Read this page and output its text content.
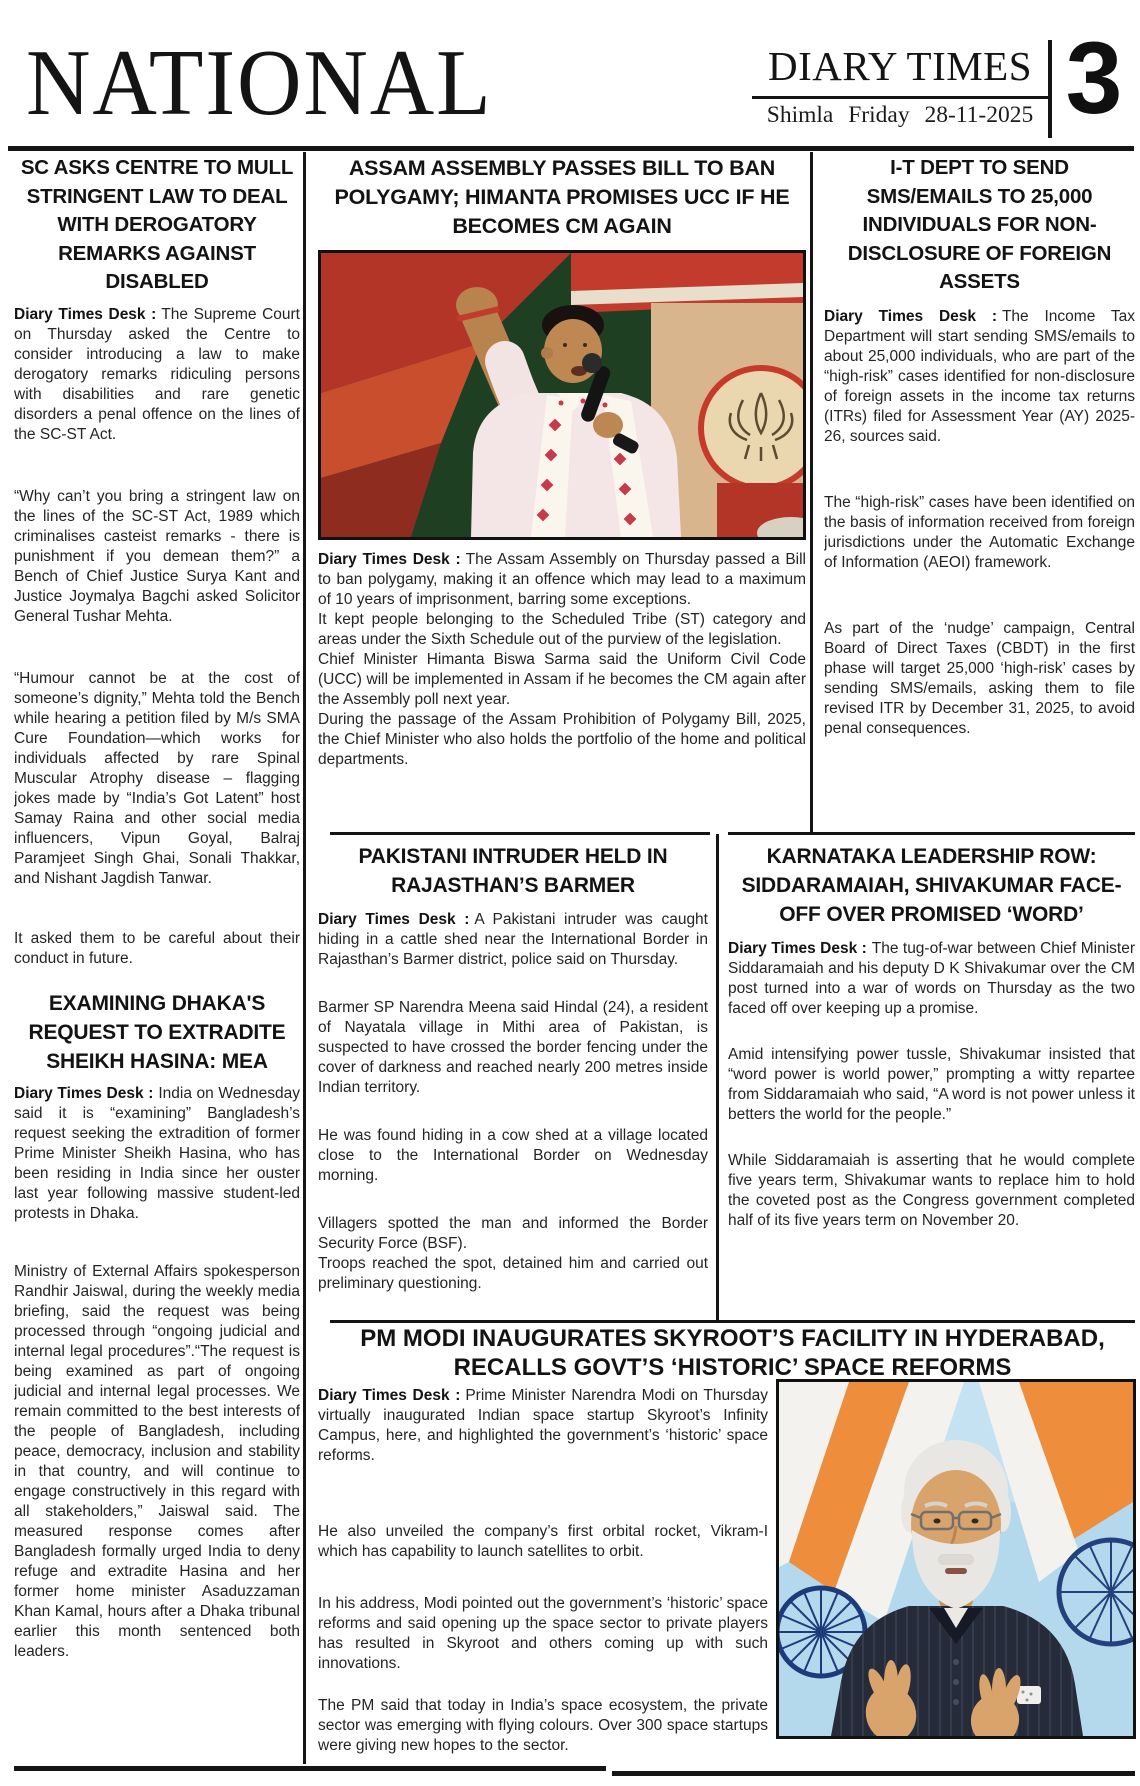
NATIONAL	DIARY TIMES
Shimla Friday 28-11-2025 3
SC ASKS CENTRE TO MULL
STRINGENT LAW TO DEAL
WITH DEROGATORY
REMARKS AGAINST
DISABLED

Diary Times Desk : The Supreme Court on Thursday asked the Centre to consider introducing a law to make derogatory remarks ridiculing persons with disabilities and rare genetic disorders a penal offence on the lines of the SC-ST Act.

“Why can’t you bring a stringent law on the lines of the SC-ST Act, 1989 which criminalises casteist remarks - there is punishment if you demean them?” a Bench of Chief Justice Surya Kant and Justice Joymalya Bagchi asked Solicitor General Tushar Mehta.

“Humour cannot be at the cost of someone’s dignity,” Mehta told the Bench while hearing a petition filed by M/s SMA Cure Foundation—which works for individuals affected by rare Spinal Muscular Atrophy disease – flagging jokes made by “India’s Got Latent” host Samay Raina and other social media influencers, Vipun Goyal, Balraj Paramjeet Singh Ghai, Sonali Thakkar, and Nishant Jagdish Tanwar.

It asked them to be careful about their conduct in future.

EXAMINING DHAKA'S
REQUEST TO EXTRADITE
SHEIKH HASINA: MEA

Diary Times Desk : India on Wednesday said it is “examining” Bangladesh’s request seeking the extradition of former Prime Minister Sheikh Hasina, who has been residing in India since her ouster last year following massive student-led protests in Dhaka.

Ministry of External Affairs spokesperson Randhir Jaiswal, during the weekly media briefing, said the request was being processed through “ongoing judicial and internal legal procedures”.“The request is being examined as part of ongoing judicial and internal legal processes. We remain committed to the best interests of the people of Bangladesh, including peace, democracy, inclusion and stability in that country, and will continue to engage constructively in this regard with all stakeholders,” Jaiswal said. The measured response comes after Bangladesh formally urged India to deny refuge and extradite Hasina and her former home minister Asaduzzaman Khan Kamal, hours after a Dhaka tribunal earlier this month sentenced both leaders.

ASSAM ASSEMBLY PASSES BILL TO BAN
POLYGAMY; HIMANTA PROMISES UCC IF HE
BECOMES CM AGAIN

Diary Times Desk : The Assam Assembly on Thursday passed a Bill to ban polygamy, making it an offence which may lead to a maximum of 10 years of imprisonment, barring some exceptions.

It kept people belonging to the Scheduled Tribe (ST) category and areas under the Sixth Schedule out of the purview of the legislation.

Chief Minister Himanta Biswa Sarma said the Uniform Civil Code (UCC) will be implemented in Assam if he becomes the CM again after the Assembly poll next year.

During the passage of the Assam Prohibition of Polygamy Bill, 2025, the Chief Minister who also holds the portfolio of the home and political departments.

I-T DEPT TO SEND
SMS/EMAILS TO 25,000
INDIVIDUALS FOR NON-
DISCLOSURE OF FOREIGN
ASSETS

Diary Times Desk : The Income Tax Department will start sending SMS/emails to about 25,000 individuals, who are part of the “high-risk” cases identified for non-disclosure of foreign assets in the income tax returns (ITRs) filed for Assessment Year (AY) 2025-26, sources said.

The “high-risk” cases have been identified on the basis of information received from foreign jurisdictions under the Automatic Exchange of Information (AEOI) framework.

As part of the ‘nudge’ campaign, Central Board of Direct Taxes (CBDT) in the first phase will target 25,000 ‘high-risk’ cases by sending SMS/emails, asking them to file revised ITR by December 31, 2025, to avoid penal consequences.

PAKISTANI INTRUDER HELD IN
RAJASTHAN’S BARMER

Diary Times Desk : A Pakistani intruder was caught hiding in a cattle shed near the International Border in Rajasthan’s Barmer district, police said on Thursday.

Barmer SP Narendra Meena said Hindal (24), a resident of Nayatala village in Mithi area of Pakistan, is suspected to have crossed the border fencing under the cover of darkness and reached nearly 200 metres inside Indian territory.

He was found hiding in a cow shed at a village located close to the International Border on Wednesday morning.

Villagers spotted the man and informed the Border Security Force (BSF).

Troops reached the spot, detained him and carried out preliminary questioning.

KARNATAKA LEADERSHIP ROW:
SIDDARAMAIAH, SHIVAKUMAR FACE-
OFF OVER PROMISED ‘WORD’

Diary Times Desk : The tug-of-war between Chief Minister Siddaramaiah and his deputy D K Shivakumar over the CM post turned into a war of words on Thursday as the two faced off over keeping up a promise.

Amid intensifying power tussle, Shivakumar insisted that “word power is world power,” prompting a witty repartee from Siddaramaiah who said, “A word is not power unless it betters the world for the people.”

While Siddaramaiah is asserting that he would complete five years term, Shivakumar wants to replace him to hold the coveted post as the Congress government completed half of its five years term on November 20.

PM MODI INAUGURATES SKYROOT’S FACILITY IN HYDERABAD,
RECALLS GOVT’S ‘HISTORIC’ SPACE REFORMS

Diary Times Desk : Prime Minister Narendra Modi on Thursday virtually inaugurated Indian space startup Skyroot’s Infinity Campus, here, and highlighted the government’s ‘historic’ space reforms.

He also unveiled the company’s first orbital rocket, Vikram-I which has capability to launch satellites to orbit.

In his address, Modi pointed out the government’s ‘historic’ space reforms and said opening up the space sector to private players has resulted in Skyroot and others coming up with such innovations.

The PM said that today in India’s space ecosystem, the private sector was emerging with flying colours. Over 300 space startups were giving new hopes to the sector.
